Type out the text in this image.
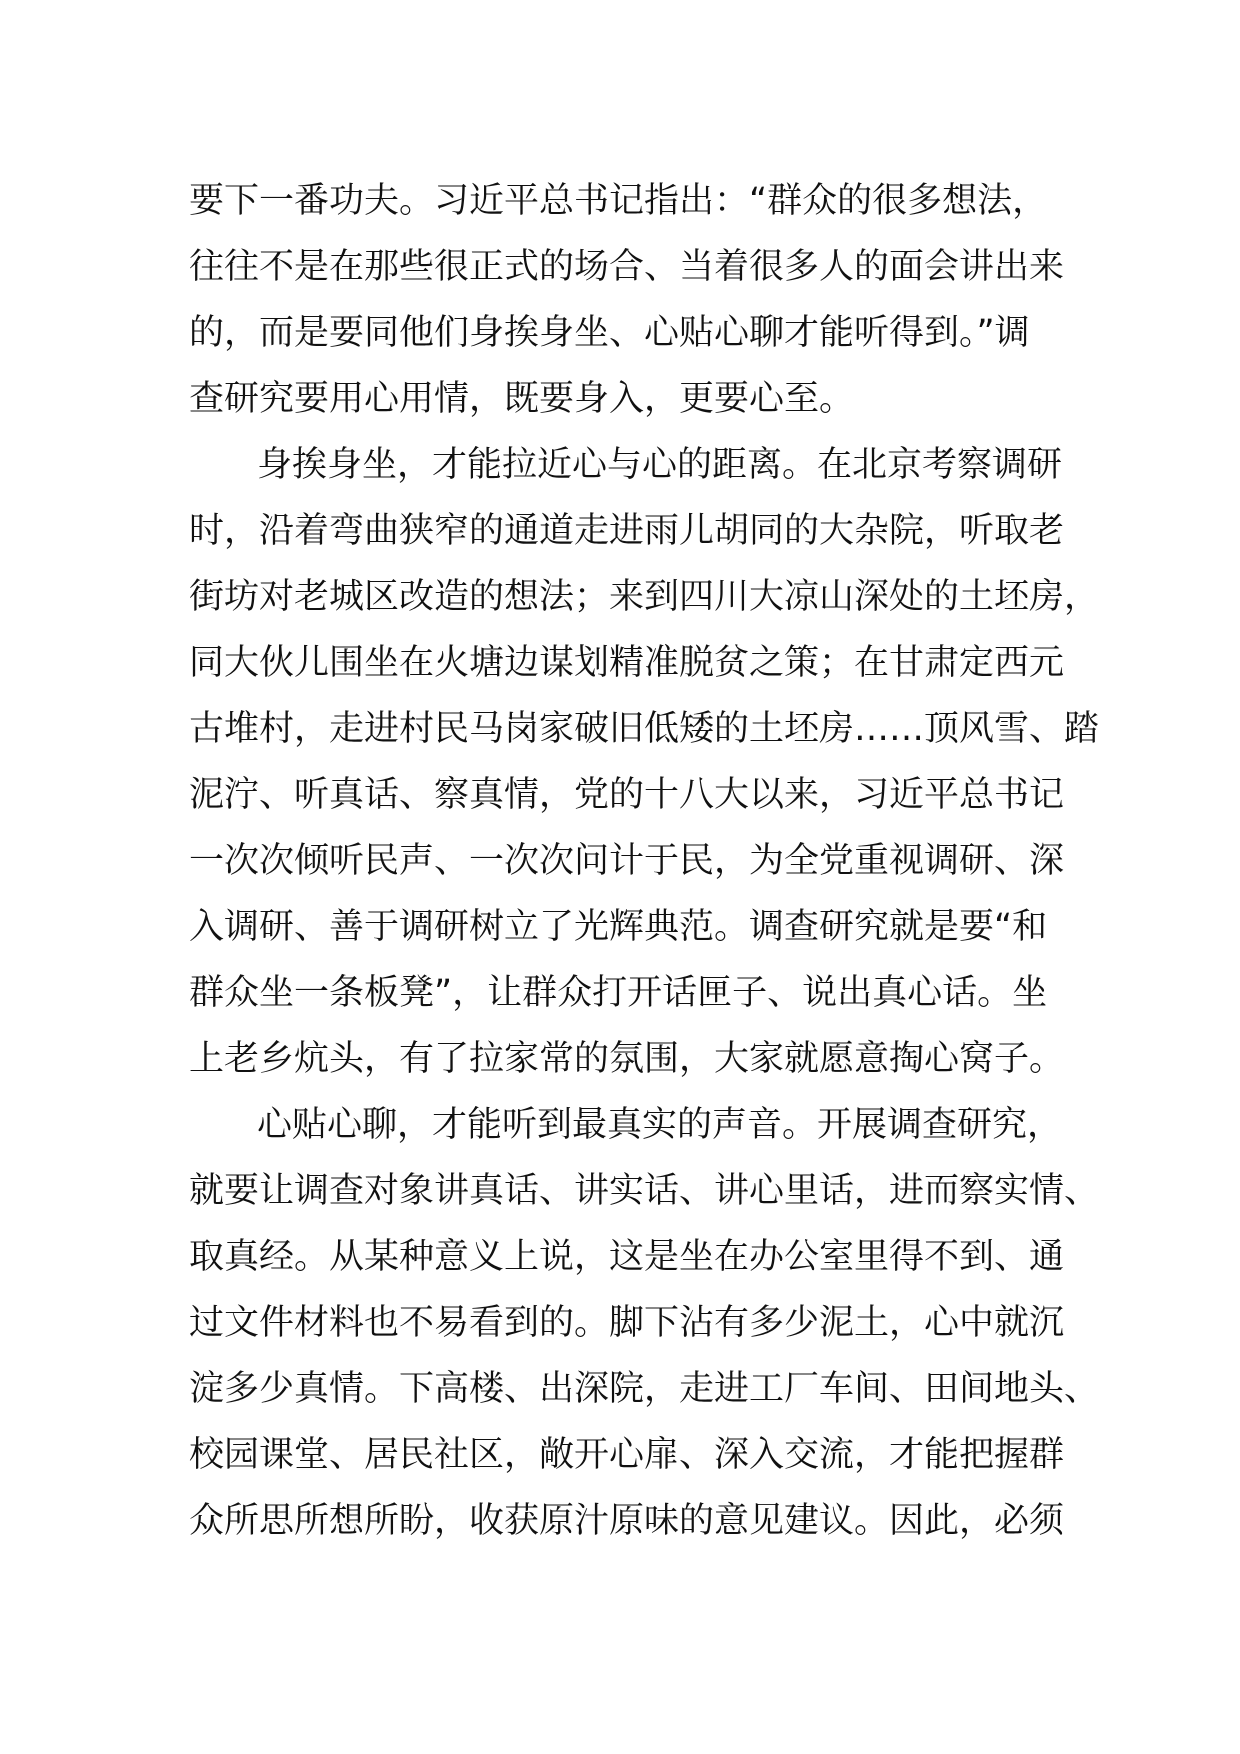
要下一番功夫。习近平总书记指出：“群众的很多想法，
往往不是在那些很正式的场合、当着很多人的面会讲出来
的，而是要同他们身挨身坐、心贴心聊才能听得到。”调
查研究要用心用情，既要身入，更要心至。
身挨身坐，才能拉近心与心的距离。在北京考察调研
时，沿着弯曲狭窄的通道走进雨儿胡同的大杂院，听取老
街坊对老城区改造的想法；来到四川大凉山深处的土坯房，
同大伙儿围坐在火塘边谋划精准脱贫之策；在甘肃定西元
古堆村，走进村民马岗家破旧低矮的土坯房……顶风雪、踏
泥泞、听真话、察真情，党的十八大以来，习近平总书记
一次次倾听民声、一次次问计于民，为全党重视调研、深
入调研、善于调研树立了光辉典范。调查研究就是要“和
群众坐一条板凳”，让群众打开话匣子、说出真心话。坐
上老乡炕头，有了拉家常的氛围，大家就愿意掏心窝子。
心贴心聊，才能听到最真实的声音。开展调查研究，
就要让调查对象讲真话、讲实话、讲心里话，进而察实情、
取真经。从某种意义上说，这是坐在办公室里得不到、通
过文件材料也不易看到的。脚下沾有多少泥土，心中就沉
淀多少真情。下高楼、出深院，走进工厂车间、田间地头、
校园课堂、居民社区，敞开心扉、深入交流，才能把握群
众所思所想所盼，收获原汁原味的意见建议。因此，必须
